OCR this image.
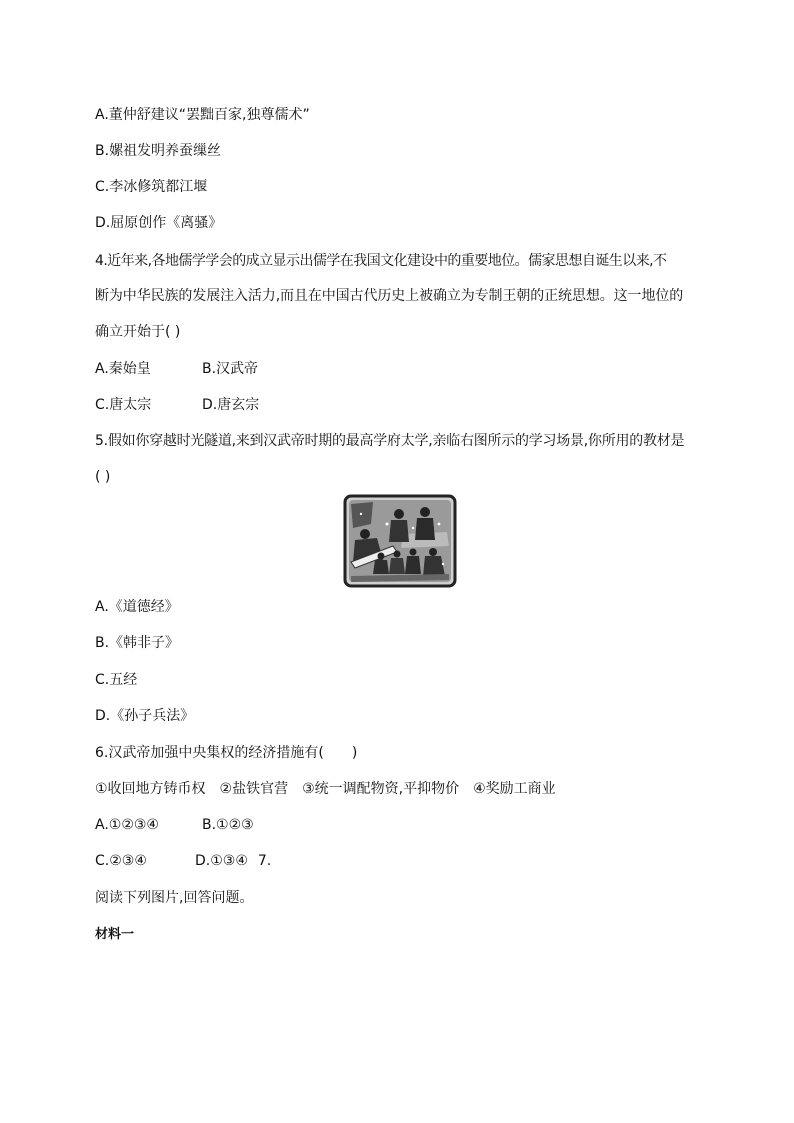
A.董仲舒建议“罢黜百家,独尊儒术”
B.嫘祖发明养蚕缫丝
C.李冰修筑都江堰
D.屈原创作《离骚》
4.近年来,各地儒学学会的成立显示出儒学在我国文化建设中的重要地位。儒家思想自诞生以来,不
断为中华民族的发展注入活力,而且在中国古代历史上被确立为专制王朝的正统思想。这一地位的
确立开始于( )
A.秦始皇	B.汉武帝
C.唐太宗	D.唐玄宗
5.假如你穿越时光隧道,来到汉武帝时期的最高学府太学,亲临右图所示的学习场景,你所用的教材是
( )
A.《道德经》
B.《韩非子》
C.五经
D.《孙子兵法》
6.汉武帝加强中央集权的经济措施有(　　)
①收回地方铸币权　②盐铁官营　③统一调配物资,平抑物价　④奖励工商业
A.①②③④	B.①②③
C.②③④	D.①③④ 7.
阅读下列图片,回答问题。
材料一
